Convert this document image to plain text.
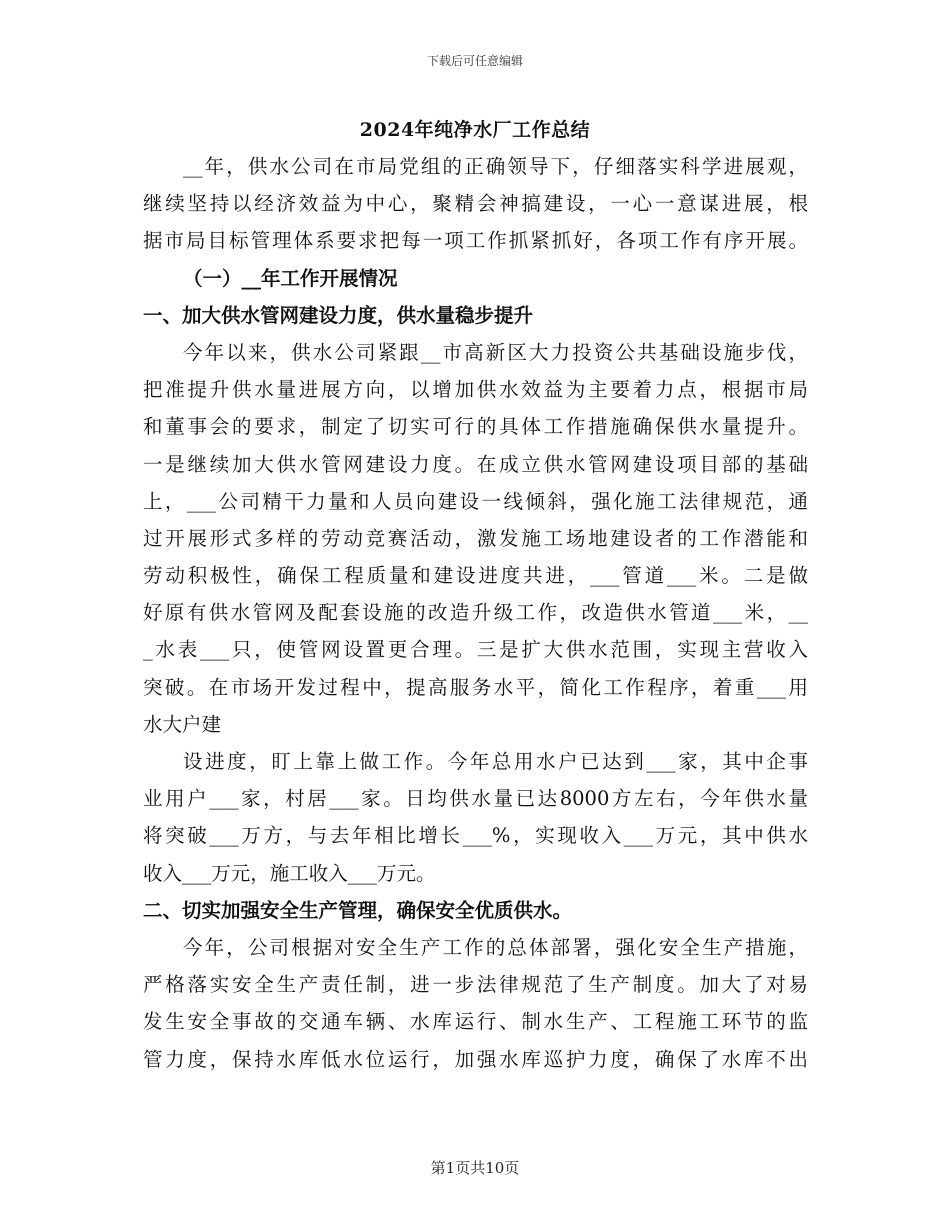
下载后可任意编辑
2024年纯净水厂工作总结
__年，供水公司在市局党组的正确领导下，仔细落实科学进展观，
继续坚持以经济效益为中心，聚精会神搞建设，一心一意谋进展，根
据市局目标管理体系要求把每一项工作抓紧抓好，各项工作有序开展。
（一）__年工作开展情况
一、加大供水管网建设力度，供水量稳步提升
今年以来，供水公司紧跟__市高新区大力投资公共基础设施步伐，
把准提升供水量进展方向，以增加供水效益为主要着力点，根据市局
和董事会的要求，制定了切实可行的具体工作措施确保供水量提升。
一是继续加大供水管网建设力度。在成立供水管网建设项目部的基础
上，___公司精干力量和人员向建设一线倾斜，强化施工法律规范，通
过开展形式多样的劳动竞赛活动，激发施工场地建设者的工作潜能和
劳动积极性，确保工程质量和建设进度共进，___管道___米。二是做
好原有供水管网及配套设施的改造升级工作，改造供水管道___米，__
_水表___只，使管网设置更合理。三是扩大供水范围，实现主营收入
突破。在市场开发过程中，提高服务水平，简化工作程序，着重___用
水大户建
设进度，盯上靠上做工作。今年总用水户已达到___家，其中企事
业用户___家，村居___家。日均供水量已达8000方左右，今年供水量
将突破___万方，与去年相比增长___%，实现收入___万元，其中供水
收入___万元，施工收入___万元。
二、切实加强安全生产管理，确保安全优质供水。
今年，公司根据对安全生产工作的总体部署，强化安全生产措施，
严格落实安全生产责任制，进一步法律规范了生产制度。加大了对易
发生安全事故的交通车辆、水库运行、制水生产、工程施工环节的监
管力度，保持水库低水位运行，加强水库巡护力度，确保了水库不出
第1页共10页
